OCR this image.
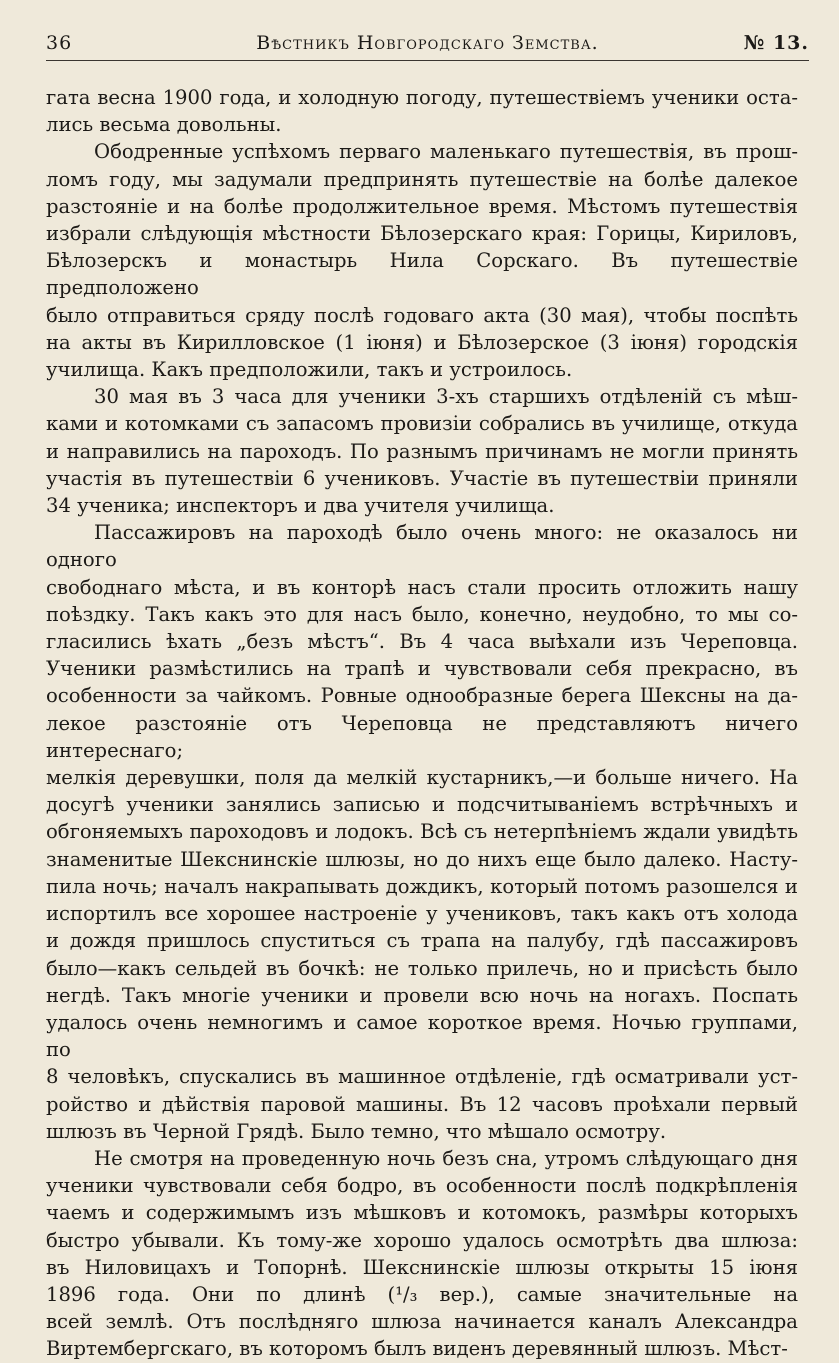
36	Вѣстникъ Новгородскаго Земства.	№ 13.
гата весна 1900 года, и холодную погоду, путешествіемъ ученики оста-
лись весьма довольны.
Ободренные успѣхомъ перваго маленькаго путешествія, въ прош-
ломъ году, мы задумали предпринять путешествіе на болѣе далекое
разстояніе и на болѣе продолжительное время. Мѣстомъ путешествія
избрали слѣдующія мѣстности Бѣлозерскаго края: Горицы, Кириловъ,
Бѣлозерскъ и монастырь Нила Сорскаго. Въ путешествіе предположено
было отправиться сряду послѣ годоваго акта (30 мая), чтобы поспѣть
на акты въ Кирилловское (1 іюня) и Бѣлозерское (3 іюня) городскія
училища. Какъ предположили, такъ и устроилось.
30 мая въ 3 часа для ученики 3-хъ старшихъ отдѣленій съ мѣш-
ками и котомками съ запасомъ провизіи собрались въ училище, откуда
и направились на пароходъ. По разнымъ причинамъ не могли принять
участія въ путешествіи 6 учениковъ. Участіе въ путешествіи приняли
34 ученика; инспекторъ и два учителя училища.
Пассажировъ на пароходѣ было очень много: не оказалось ни одного
свободнаго мѣста, и въ конторѣ насъ стали просить отложить нашу
поѣздку. Такъ какъ это для насъ было, конечно, неудобно, то мы со-
гласились ѣхать „безъ мѣстъ“. Въ 4 часа выѣхали изъ Череповца.
Ученики размѣстились на трапѣ и чувствовали себя прекрасно, въ
особенности за чайкомъ. Ровные однообразные берега Шексны на да-
лекое разстояніе отъ Череповца не представляютъ ничего интереснаго;
мелкія деревушки, поля да мелкій кустарникъ,—и больше ничего. На
досугѣ ученики занялись записью и подсчитываніемъ встрѣчныхъ и
обгоняемыхъ пароходовъ и лодокъ. Всѣ съ нетерпѣніемъ ждали увидѣть
знаменитые Шекснинскіе шлюзы, но до нихъ еще было далеко. Насту-
пила ночь; началъ накрапывать дождикъ, который потомъ разошелся и
испортилъ все хорошее настроеніе у учениковъ, такъ какъ отъ холода
и дождя пришлось спуститься съ трапа на палубу, гдѣ пассажировъ
было—какъ сельдей въ бочкѣ: не только прилечь, но и присѣсть было
негдѣ. Такъ многіе ученики и провели всю ночь на ногахъ. Поспать
удалось очень немногимъ и самое короткое время. Ночью группами, по
8 человѣкъ, спускались въ машинное отдѣленіе, гдѣ осматривали уст-
ройство и дѣйствія паровой машины. Въ 12 часовъ проѣхали первый
шлюзъ въ Черной Грядѣ. Было темно, что мѣшало осмотру.
Не смотря на проведенную ночь безъ сна, утромъ слѣдующаго дня
ученики чувствовали себя бодро, въ особенности послѣ подкрѣпленія
чаемъ и содержимымъ изъ мѣшковъ и котомокъ, размѣры которыхъ
быстро убывали. Къ тому-же хорошо удалось осмотрѣть два шлюза:
въ Ниловицахъ и Топорнѣ. Шекснинскіе шлюзы открыты 15 іюня
1896 года. Они по длинѣ (¹/₃ вер.), самые значительные на
всей землѣ. Отъ послѣдняго шлюза начинается каналъ Александра
Виртембергскаго, въ которомъ былъ виденъ деревянный шлюзъ. Мѣст-
